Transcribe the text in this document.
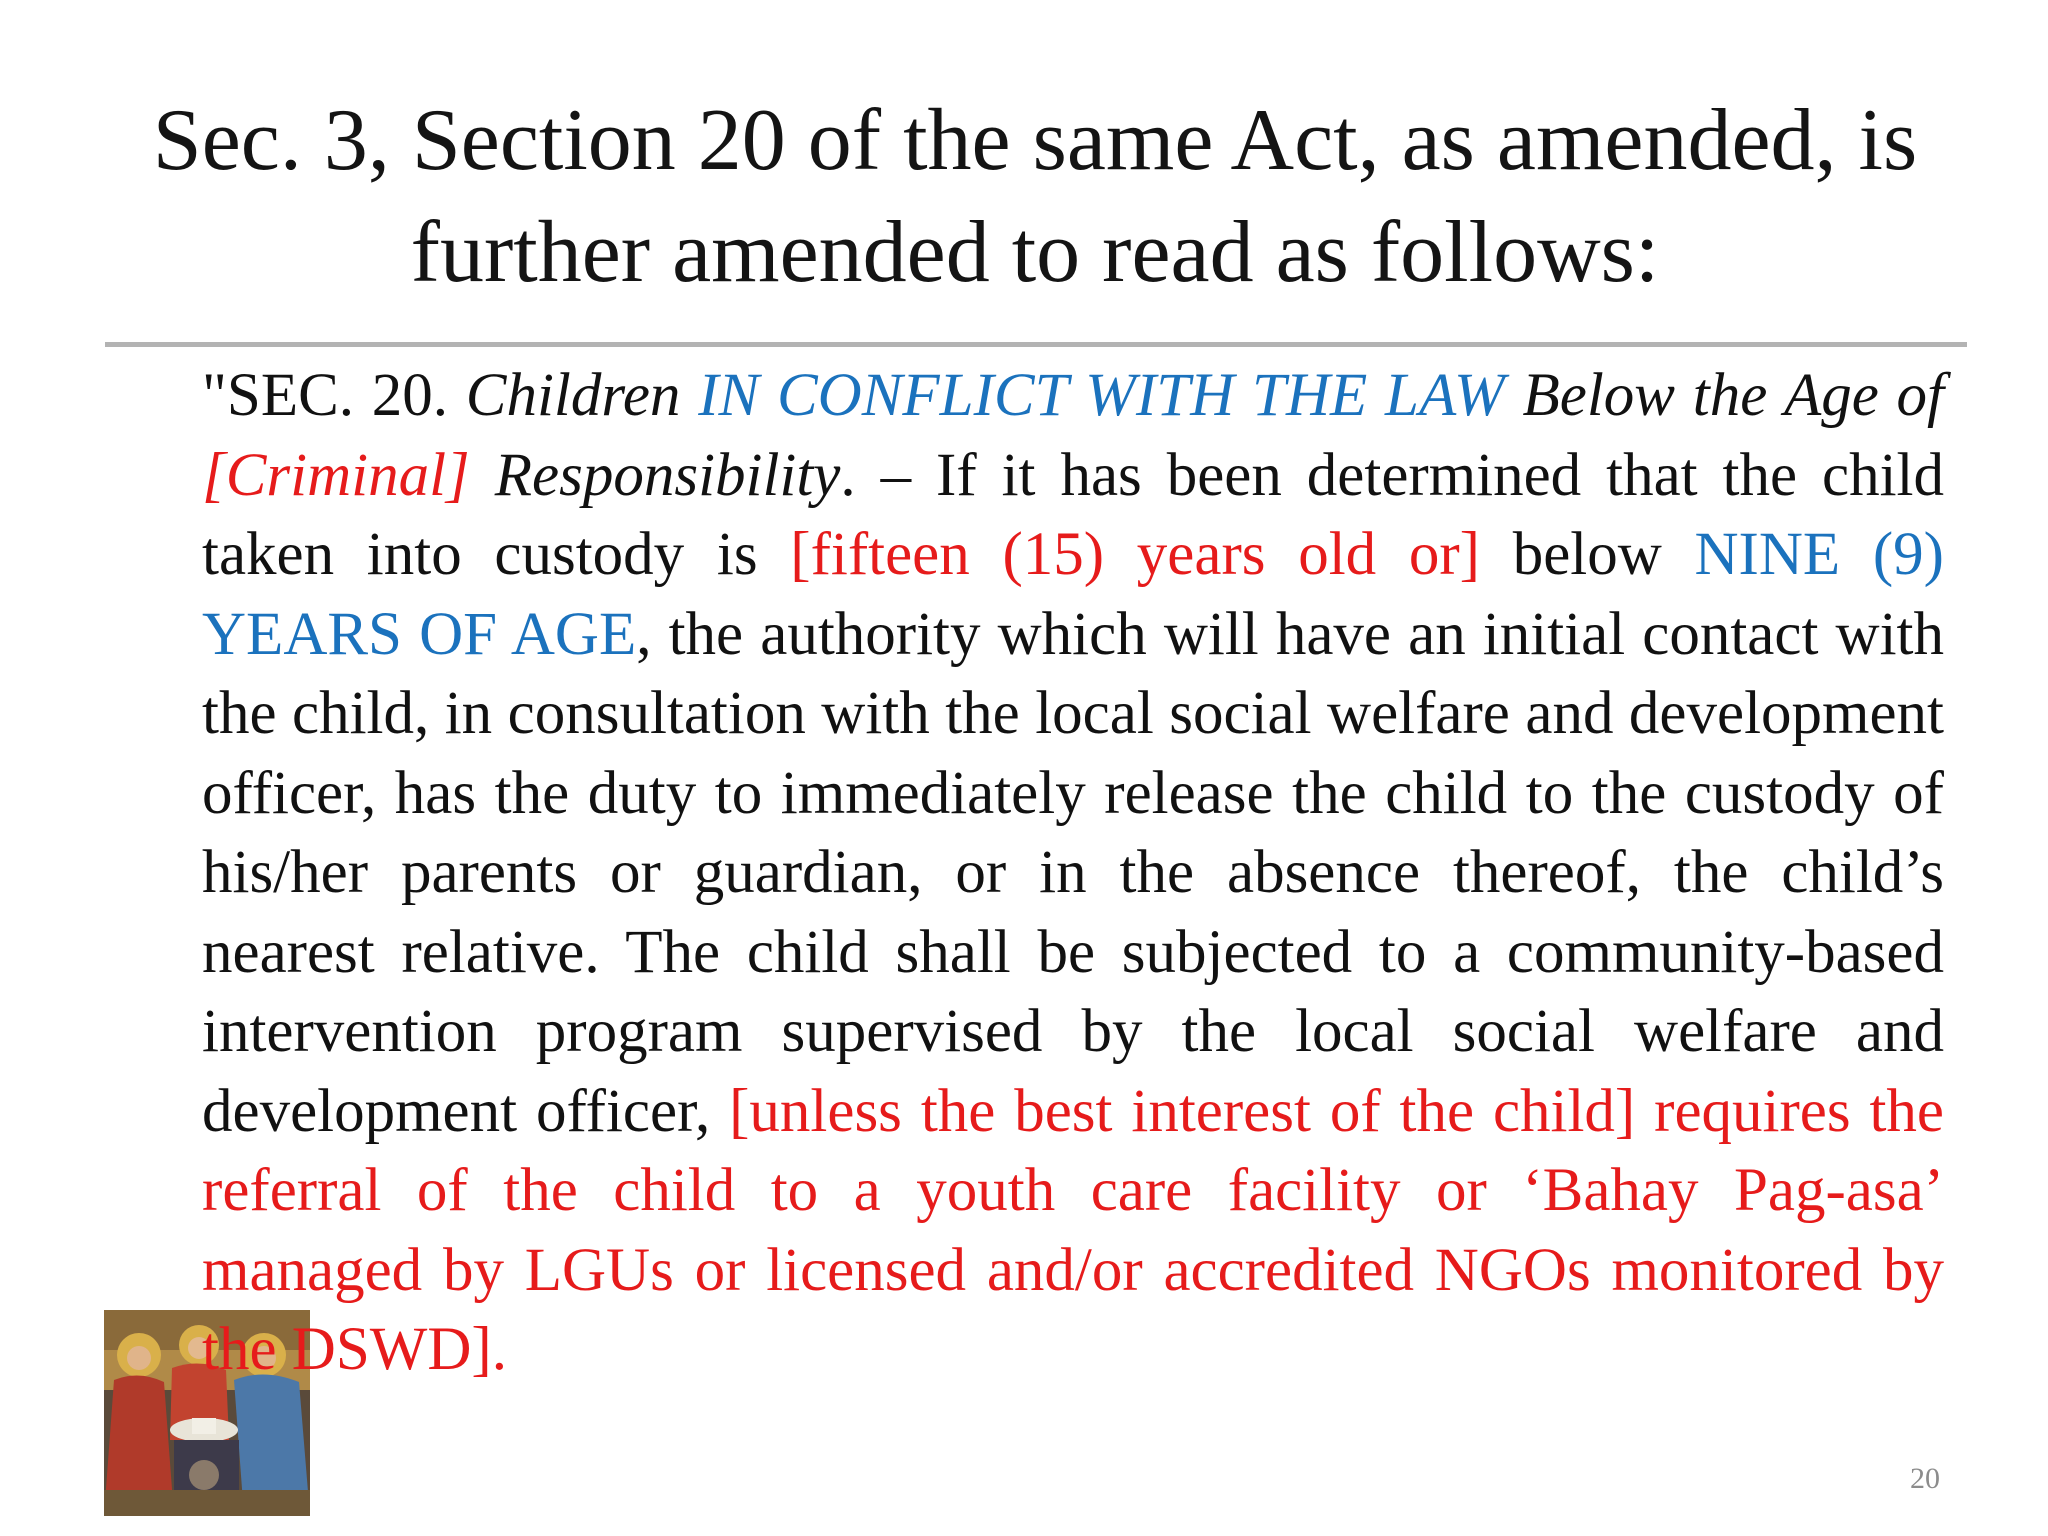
Sec. 3, Section 20 of the same Act, as amended, is further amended to read as follows:

"SEC. 20. Children IN CONFLICT WITH THE LAW Below the Age of [Criminal] Responsibility. – If it has been determined that the child taken into custody is [fifteen (15) years old or] below NINE (9) YEARS OF AGE, the authority which will have an initial contact with the child, in consultation with the local social welfare and development officer, has the duty to immediately release the child to the custody of his/her parents or guardian, or in the absence thereof, the child’s nearest relative. The child shall be subjected to a community-based intervention program supervised by the local social welfare and development officer, [unless the best interest of the child] requires the referral of the child to a youth care facility or ‘Bahay Pag-asa’ managed by LGUs or licensed and/or accredited NGOs monitored by the DSWD].

20
